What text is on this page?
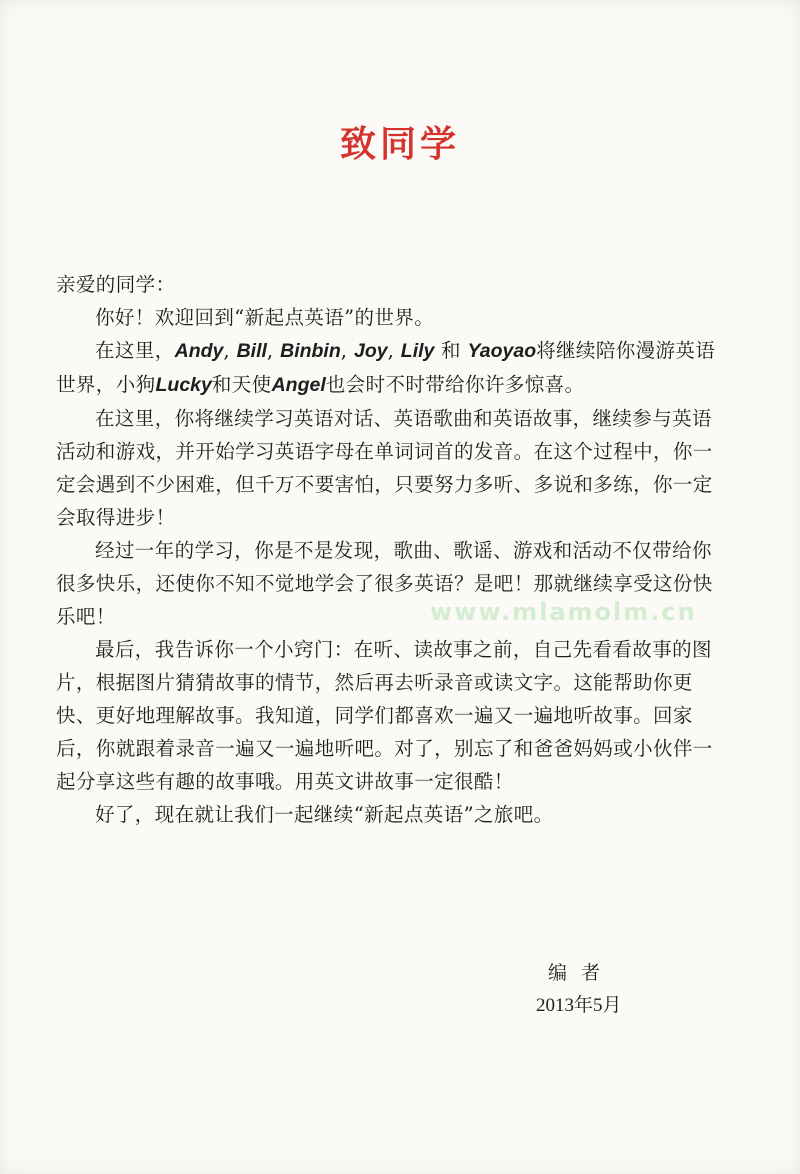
致同学

亲爱的同学：

你好！欢迎回到“新起点英语”的世界。

在这里，Andy, Bill, Binbin, Joy, Lily 和 Yaoyao将继续陪你漫游英语世界，小狗Lucky和天使Angel也会时不时带给你许多惊喜。

在这里，你将继续学习英语对话、英语歌曲和英语故事，继续参与英语活动和游戏，并开始学习英语字母在单词词首的发音。在这个过程中，你一定会遇到不少困难，但千万不要害怕，只要努力多听、多说和多练，你一定会取得进步！

经过一年的学习，你是不是发现，歌曲、歌谣、游戏和活动不仅带给你很多快乐，还使你不知不觉地学会了很多英语？是吧！那就继续享受这份快乐吧！

最后，我告诉你一个小窍门：在听、读故事之前，自己先看看故事的图片，根据图片猜猜故事的情节，然后再去听录音或读文字。这能帮助你更快、更好地理解故事。我知道，同学们都喜欢一遍又一遍地听故事。回家后，你就跟着录音一遍又一遍地听吧。对了，别忘了和爸爸妈妈或小伙伴一起分享这些有趣的故事哦。用英文讲故事一定很酷！

好了，现在就让我们一起继续“新起点英语”之旅吧。

编者
2013年5月
www.mlamolm.cn
